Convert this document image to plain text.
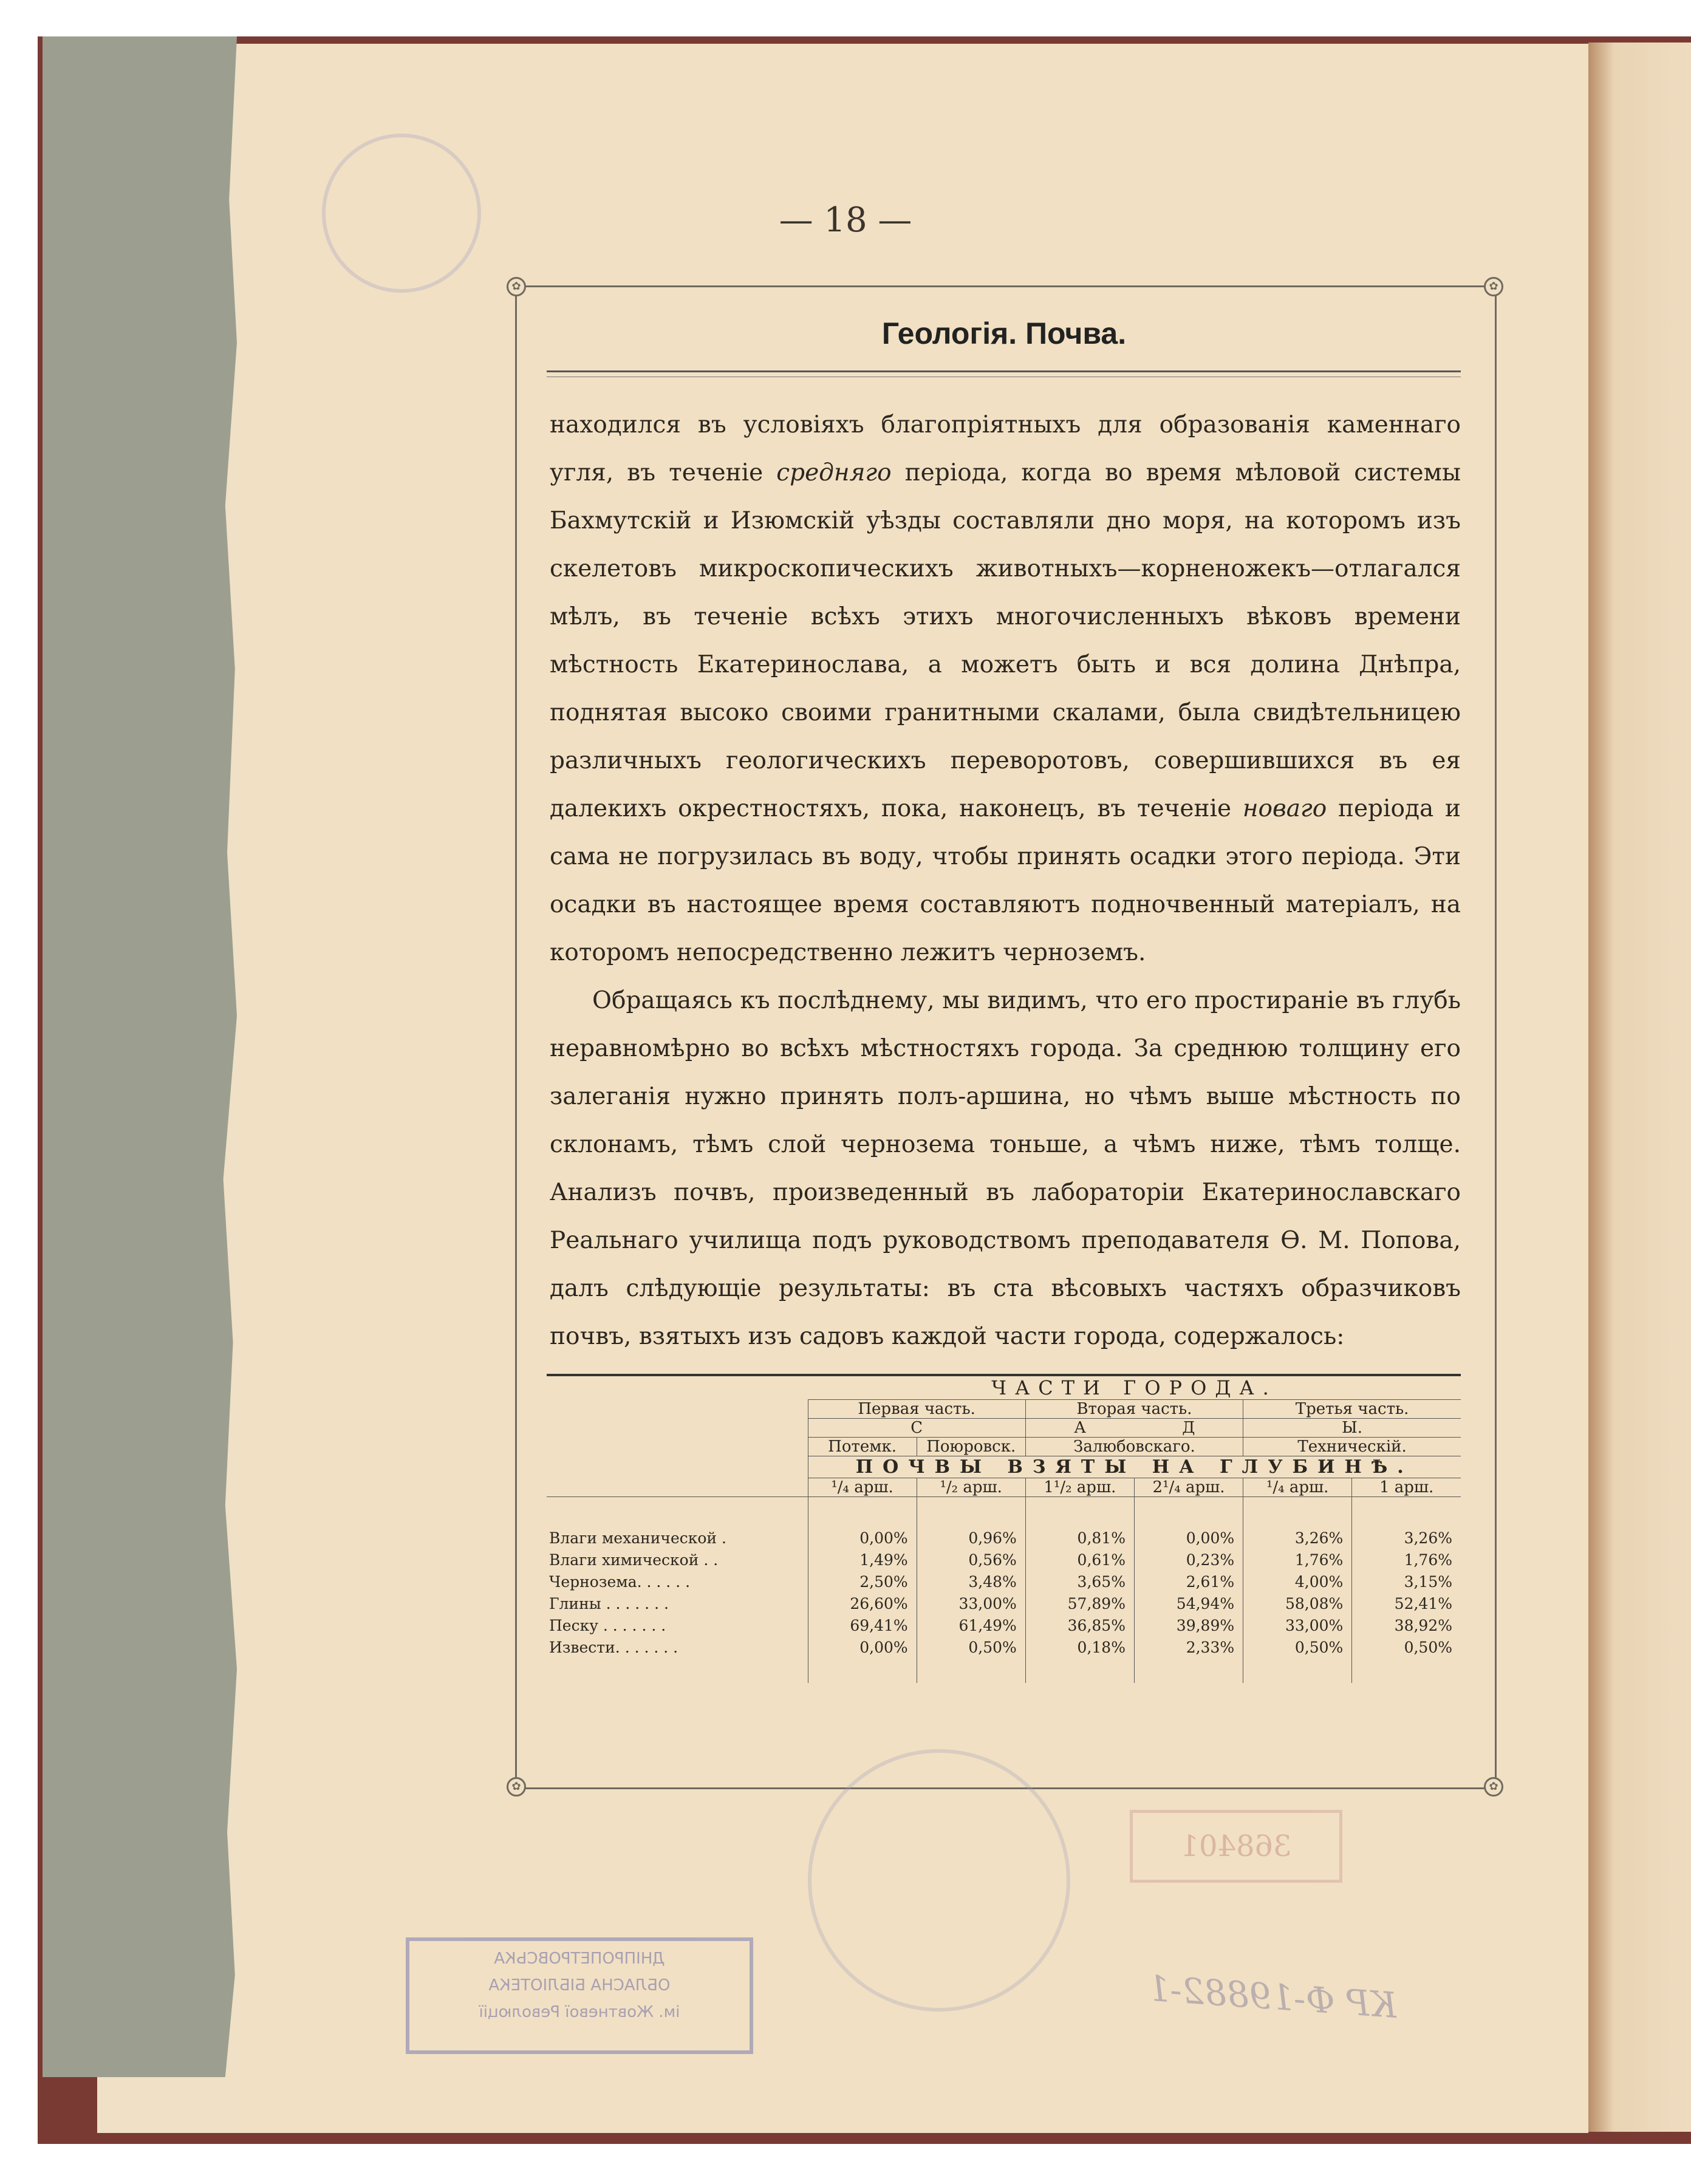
— 18 —
✿	✿
✿	✿
Геологія. Почва.

находился въ условіяхъ благопріятныхъ для образованія каменнаго угля, въ теченіе средняго періода, когда во время мѣловой системы Бахмутскій и Изюмскій уѣзды составляли дно моря, на которомъ изъ скелетовъ микроскопическихъ животныхъ—корненожекъ—отлагался мѣлъ, въ теченіе всѣхъ этихъ многочисленныхъ вѣковъ времени мѣстность Екатеринослава, а можетъ быть и вся долина Днѣпра, поднятая высоко своими гранитными скалами, была свидѣтельницею различныхъ геологическихъ переворотовъ, совершившихся въ ея далекихъ окрестностяхъ, пока, наконецъ, въ теченіе новаго періода и сама не погрузилась въ воду, чтобы принять осадки этого періода. Эти осадки въ настоящее время составляютъ подночвенный матеріалъ, на которомъ непосредственно лежитъ черноземъ.

Обращаясь къ послѣднему, мы видимъ, что его простираніе въ глубь неравномѣрно во всѣхъ мѣстностяхъ города. За среднюю толщину его залеганія нужно принять полъ-аршина, но чѣмъ выше мѣстность по склонамъ, тѣмъ слой чернозема тоньше, а чѣмъ ниже, тѣмъ толще. Анализъ почвъ, произведенный въ лабораторіи Екатеринославскаго Реальнаго училища подъ руководствомъ преподавателя Ѳ. М. Попова, далъ слѣдующіе результаты: въ ста вѣсовыхъ частяхъ образчиковъ почвъ, взятыхъ изъ садовъ каждой части города, содержалось:

	ЧАСТИ ГОРОДА.					
	Первая часть.		Вторая часть.		Третья часть.	
	С		А	Д	Ы.	
	Потемк.	Поюровск.	Залюбовскаго.		Техническій.	
	ПОЧВЫ ВЗЯТЫ НА ГЛУБИНѢ.					
	¹/₄ арш.	¹/₂ арш.	1¹/₂ арш.	2¹/₄ арш.	¹/₄ арш.	1 арш.

Влаги механической .	0,00%	0,96%	0,81%	0,00%	3,26%	3,26%
Влаги химической . .	1,49%	0,56%	0,61%	0,23%	1,76%	1,76%
Чернозема. . . . . .	2,50%	3,48%	3,65%	2,61%	4,00%	3,15%
Глины . . . . . . .	26,60%	33,00%	57,89%	54,94%	58,08%	52,41%
Песку . . . . . . .	69,41%	61,49%	36,85%	39,89%	33,00%	38,92%
Извести. . . . . . .	0,00%	0,50%	0,18%	2,33%	0,50%	0,50%

368401
ДНІПРОПЕТРОВСЬКА
ОБЛАСНА БІБЛІОТЕКА
ім. Жовтневої Революції	КР Ф-19882-1
